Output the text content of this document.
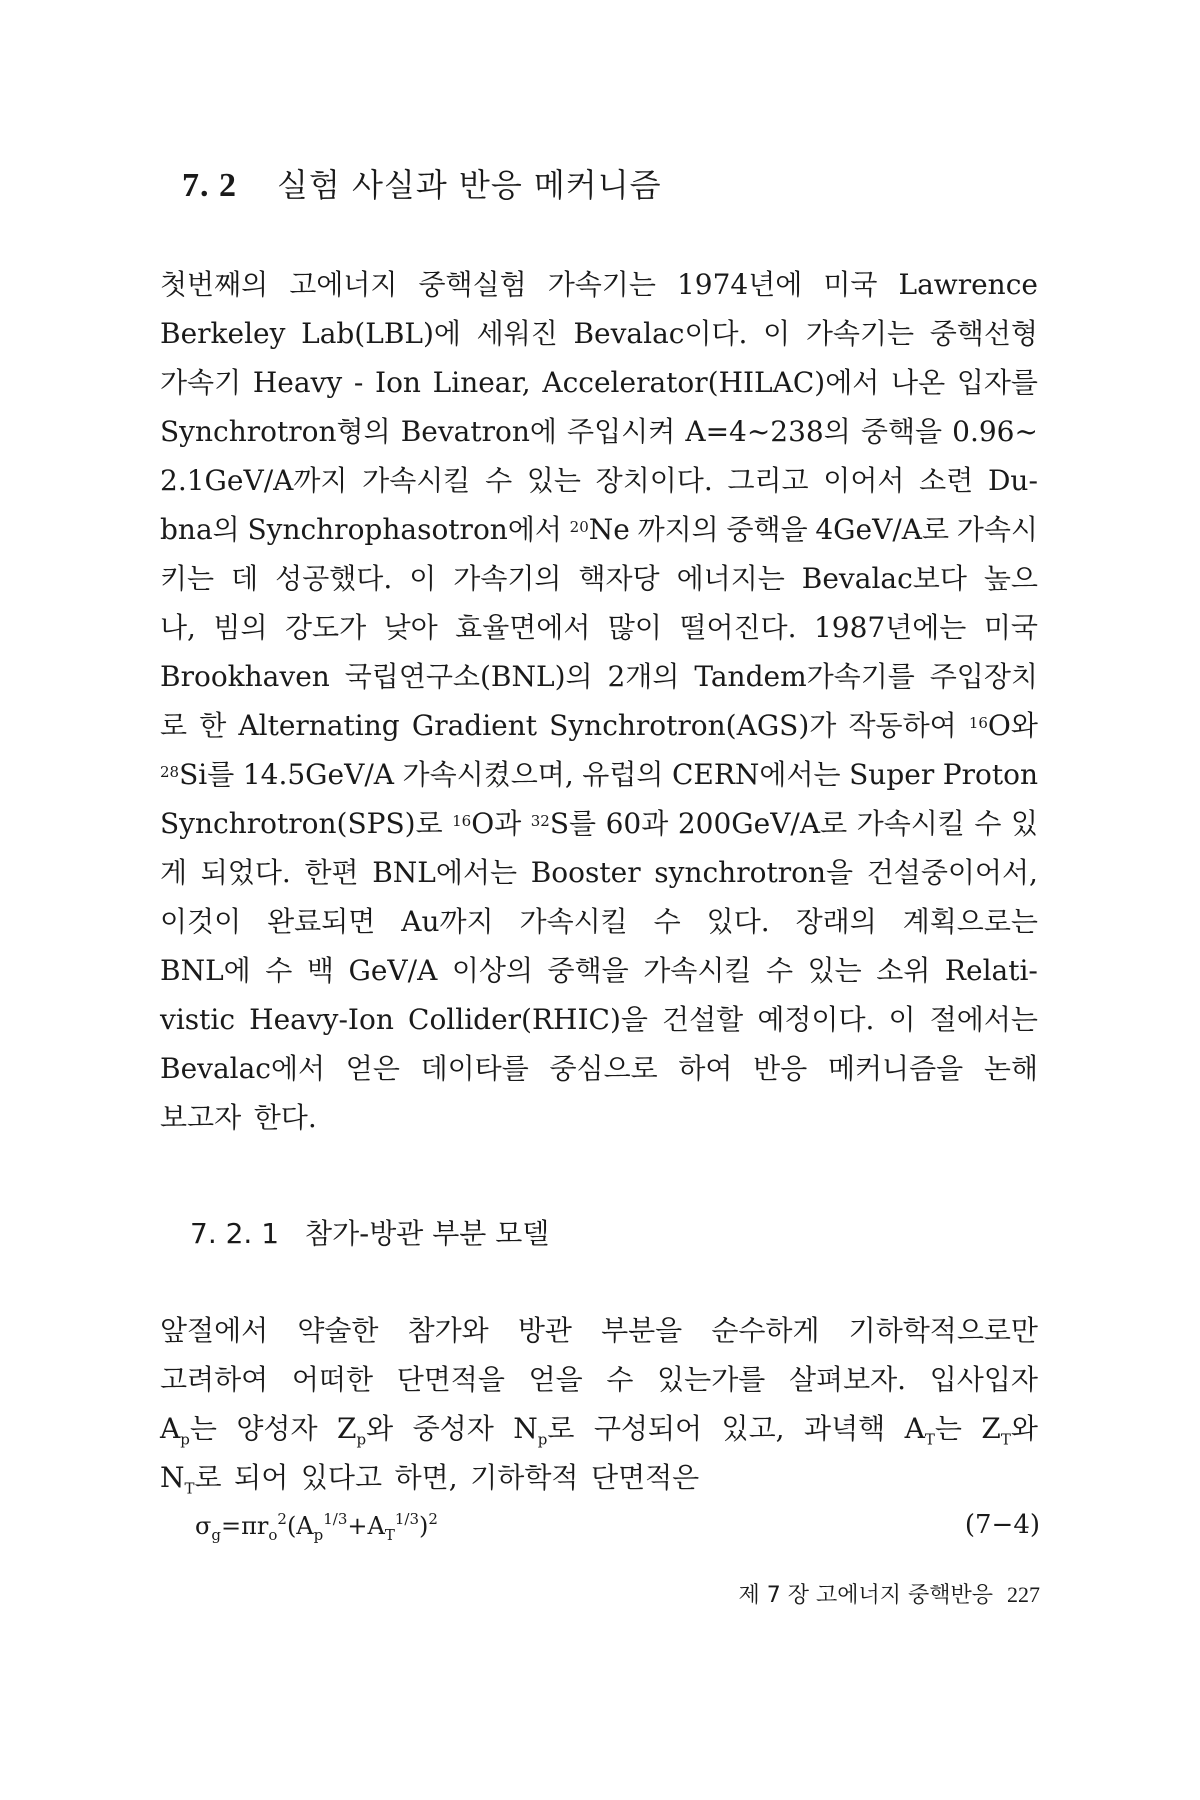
7. 2 실험 사실과 반응 메커니즘
첫번째의 고에너지 중핵실험 가속기는 1974년에 미국 Lawrence
Berkeley Lab(LBL)에 세워진 Bevalac이다. 이 가속기는 중핵선형
가속기 Heavy - Ion Linear, Accelerator(HILAC)에서 나온 입자를
Synchrotron형의 Bevatron에 주입시켜 A=4~238의 중핵을 0.96~
2.1GeV/A까지 가속시킬 수 있는 장치이다. 그리고 이어서 소련 Du-
bna의 Synchrophasotron에서 $^{20}$Ne 까지의 중핵을 4GeV/A로 가속시
키는 데 성공했다. 이 가속기의 핵자당 에너지는 Bevalac보다 높으
나, 빔의 강도가 낮아 효율면에서 많이 떨어진다. 1987년에는 미국
Brookhaven 국립연구소(BNL)의 2개의 Tandem가속기를 주입장치
로 한 Alternating Gradient Synchrotron(AGS)가 작동하여 $^{16}$O와
$^{28}$Si를 14.5GeV/A 가속시켰으며, 유럽의 CERN에서는 Super Proton
Synchrotron(SPS)로 $^{16}$O과 $^{32}$S를 60과 200GeV/A로 가속시킬 수 있
게 되었다. 한편 BNL에서는 Booster synchrotron을 건설중이어서,
이것이 완료되면 Au까지 가속시킬 수 있다. 장래의 계획으로는
BNL에 수 백 GeV/A 이상의 중핵을 가속시킬 수 있는 소위 Relati-
vistic Heavy-Ion Collider(RHIC)을 건설할 예정이다. 이 절에서는
Bevalac에서 얻은 데이타를 중심으로 하여 반응 메커니즘을 논해
보고자 한다.
7. 2. 1 참가-방관 부분 모델
앞절에서 약술한 참가와 방관 부분을 순수하게 기하학적으로만
고려하여 어떠한 단면적을 얻을 수 있는가를 살펴보자. 입사입자
$A_p$는 양성자 $Z_p$와 중성자 $N_p$로 구성되어 있고, 과녁핵 $A_T$는 $Z_T$와
$N_T$로 되어 있다고 하면, 기하학적 단면적은
$\sigma_g=\pi r_o^2(A_p^{1/3}+A_T^{1/3})^2$	(7−4)
제 7 장 고에너지 중핵반응 227
